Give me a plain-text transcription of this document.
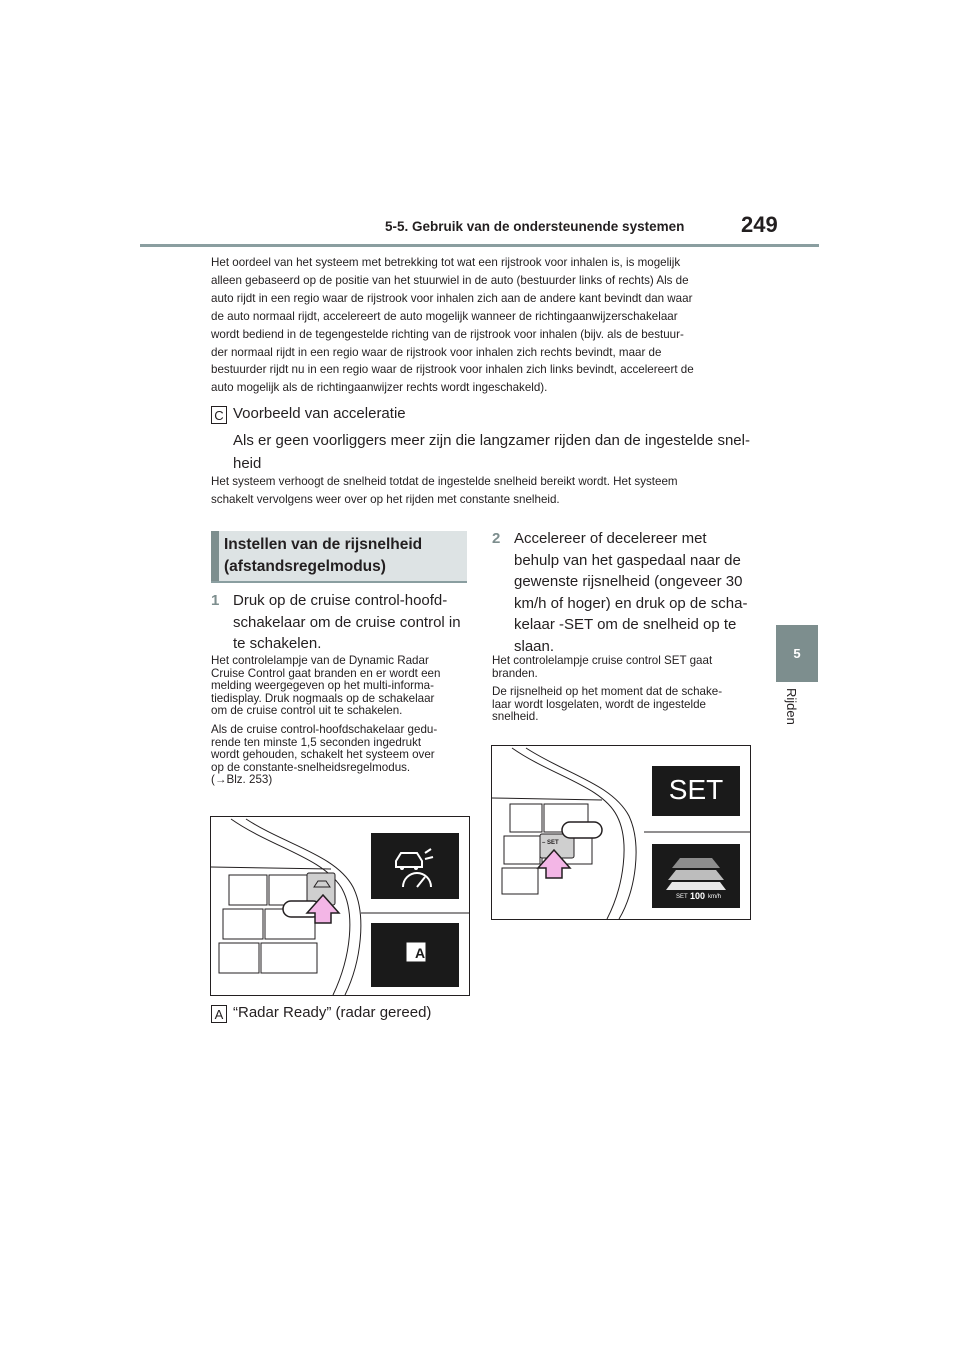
5-5. Gebruik van de ondersteunende systemen	249
5
Rijden
Het oordeel van het systeem met betrekking tot wat een rijstrook voor inhalen is, is mogelijk
alleen gebaseerd op de positie van het stuurwiel in de auto (bestuurder links of rechts) Als de
auto rijdt in een regio waar de rijstrook voor inhalen zich aan de andere kant bevindt dan waar
de auto normaal rijdt, accelereert de auto mogelijk wanneer de richtingaanwijzerschakelaar
wordt bediend in de tegengestelde richting van de rijstrook voor inhalen (bijv. als de bestuur-
der normaal rijdt in een regio waar de rijstrook voor inhalen zich rechts bevindt, maar de
bestuurder rijdt nu in een regio waar de rijstrook voor inhalen zich links bevindt, accelereert de
auto mogelijk als de richtingaanwijzer rechts wordt ingeschakeld).
C Voorbeeld van acceleratie
Als er geen voorliggers meer zijn die langzamer rijden dan de ingestelde snel-
heid
Het systeem verhoogt de snelheid totdat de ingestelde snelheid bereikt wordt. Het systeem
schakelt vervolgens weer over op het rijden met constante snelheid.
Instellen van de rijsnelheid
(afstandsregelmodus)
1 Druk op de cruise control-hoofd-
schakelaar om de cruise control in
te schakelen.

Het controlelampje van de Dynamic Radar
Cruise Control gaat branden en er wordt een
melding weergegeven op het multi-informa-
tiedisplay. Druk nogmaals op de schakelaar
om de cruise control uit te schakelen.

Als de cruise control-hoofdschakelaar gedu-
rende ten minste 1,5 seconden ingedrukt
wordt gehouden, schakelt het systeem over
op de constante-snelheidsregelmodus.
(→Blz. 253)

A
A “Radar Ready” (radar gereed)
2 Accelereer of decelereer met
behulp van het gaspedaal naar de
gewenste rijsnelheid (ongeveer 30
km/h of hoger) en druk op de scha-
kelaar -SET om de snelheid op te
slaan.

Het controlelampje cruise control SET gaat
branden.

De rijsnelheid op het moment dat de schake-
laar wordt losgelaten, wordt de ingestelde
snelheid.

– SET
SET
SET 100 km/h
